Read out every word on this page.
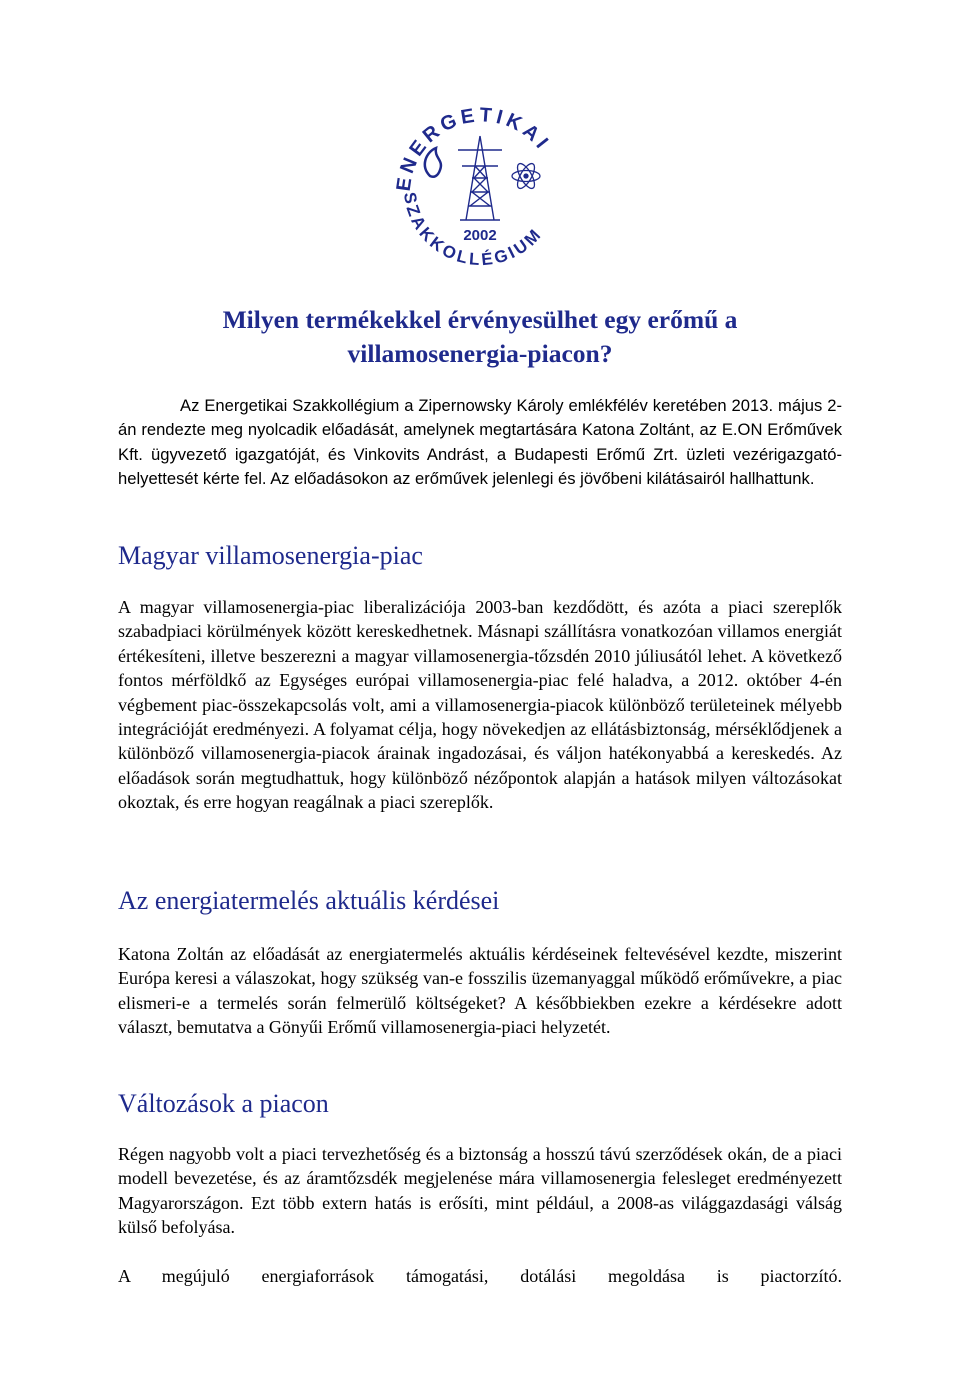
ENERGETIKAI
SZAKKOLLÉGIUM
2002
Milyen termékekkel érvényesülhet egy erőmű a villamosenergia-piacon?

Az Energetikai Szakkollégium a Zipernowsky Károly emlékfélév keretében 2013. május 2-án rendezte meg nyolcadik előadását, amelynek megtartására Katona Zoltánt, az E.ON Erőművek Kft. ügyvezető igazgatóját, és Vinkovits Andrást, a Budapesti Erőmű Zrt. üzleti vezérigazgató-helyettesét kérte fel. Az előadásokon az erőművek jelenlegi és jövőbeni kilátásairól hallhattunk.

Magyar villamosenergia-piac

A magyar villamosenergia-piac liberalizációja 2003-ban kezdődött, és azóta a piaci szereplők szabadpiaci körülmények között kereskedhetnek. Másnapi szállításra vonatkozóan villamos energiát értékesíteni, illetve beszerezni a magyar villamosenergia-tőzsdén 2010 júliusától lehet. A következő fontos mérföldkő az Egységes európai villamosenergia-piac felé haladva, a 2012. október 4-én végbement piac-összekapcsolás volt, ami a villamosenergia-piacok különböző területeinek mélyebb integrációját eredményezi. A folyamat célja, hogy növekedjen az ellátásbiztonság, mérséklődjenek a különböző villamosenergia-piacok árainak ingadozásai, és váljon hatékonyabbá a kereskedés. Az előadások során megtudhattuk, hogy különböző nézőpontok alapján a hatások milyen változásokat okoztak, és erre hogyan reagálnak a piaci szereplők.

Az energiatermelés aktuális kérdései

Katona Zoltán az előadását az energiatermelés aktuális kérdéseinek feltevésével kezdte, miszerint Európa keresi a válaszokat, hogy szükség van-e fosszilis üzemanyaggal működő erőművekre, a piac elismeri-e a termelés során felmerülő költségeket? A későbbiekben ezekre a kérdésekre adott választ, bemutatva a Gönyűi Erőmű villamosenergia-piaci helyzetét.

Változások a piacon

Régen nagyobb volt a piaci tervezhetőség és a biztonság a hosszú távú szerződések okán, de a piaci modell bevezetése, és az áramtőzsdék megjelenése mára villamosenergia felesleget eredményezett Magyarországon. Ezt több extern hatás is erősíti, mint például, a 2008-as világgazdasági válság külső befolyása.

A megújuló energiaforrások támogatási, dotálási megoldása is piactorzító.
